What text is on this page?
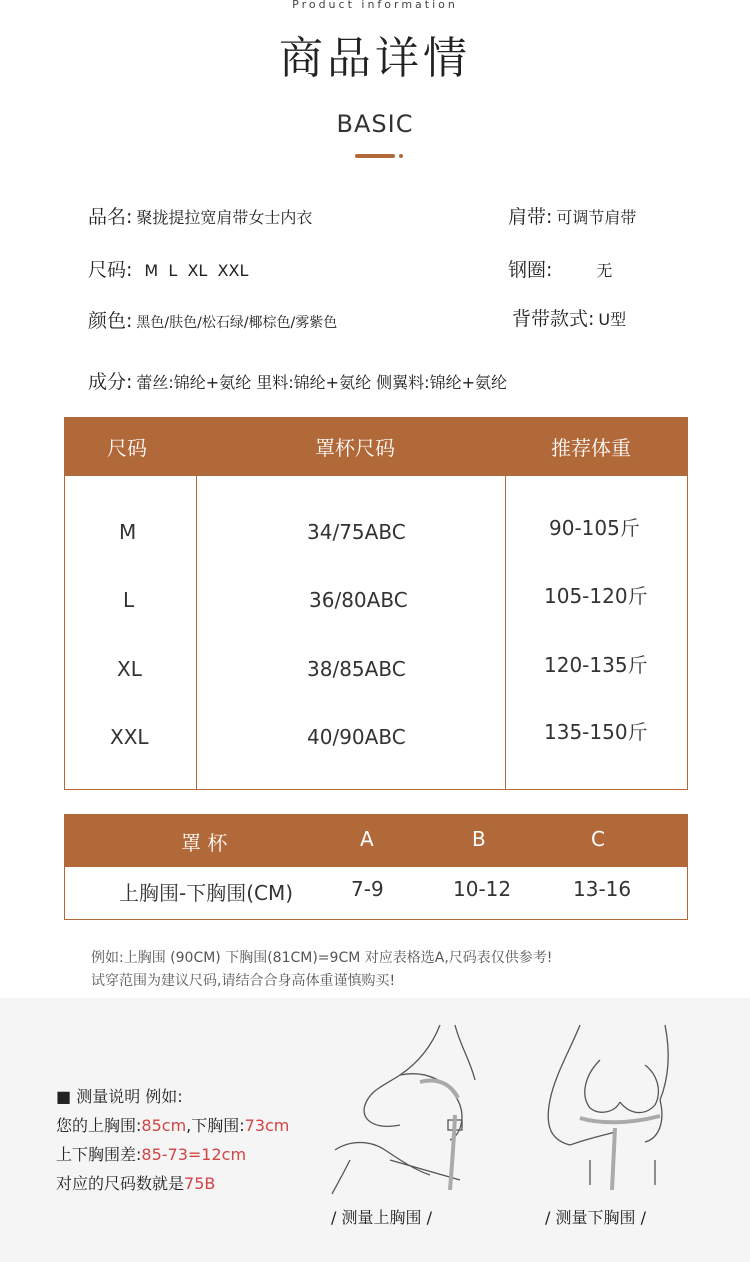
Product information
商品详情
BASIC
品名: 聚拢提拉宽肩带女士内衣	肩带: 可调节肩带
尺码: M  L  XL  XXL	钢圈:	无
颜色: 黑色/肤色/松石绿/椰棕色/雾紫色	背带款式: U型
成分: 蕾丝:锦纶+氨纶 里料:锦纶+氨纶 侧翼料:锦纶+氨纶
尺码	罩杯尺码	推荐体重
M	34/75ABC	90-105斤
L	36/80ABC	105-120斤
XL	38/85ABC	120-135斤
XXL	40/90ABC	135-150斤
罩 杯	A	B	C
上胸围-下胸围(CM)	7-9	10-12	13-16
例如:上胸围 (90CM) 下胸围(81CM)=9CM 对应表格选A,尺码表仅供参考!
试穿范围为建议尺码,请结合合身高体重谨慎购买!
■ 测量说明 例如:
您的上胸围:85cm,下胸围:73cm
上下胸围差:85-73=12cm
对应的尺码数就是75B
/ 测量上胸围 /	/ 测量下胸围 /
